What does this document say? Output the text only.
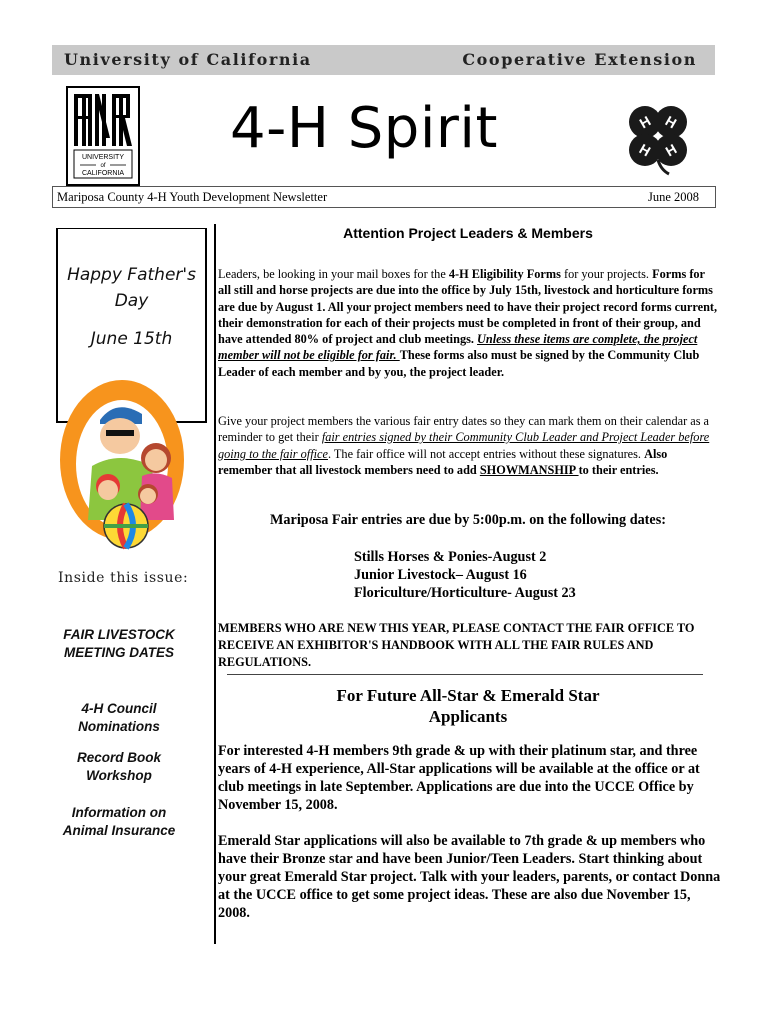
University of California	Cooperative Extension
UNIVERSITY
of
CALIFORNIA
4-H Spirit	H H
H H
Mariposa County 4-H Youth Development Newsletter	June 2008
Happy Father's
Day
June 15th
Inside this issue:
FAIR LIVESTOCK
MEETING DATES
4-H Council
Nominations
Record Book
Workshop
Information on
Animal Insurance
Attention Project Leaders & Members
Leaders, be looking in your mail boxes for the 4-H Eligibility Forms for your projects. Forms for all still and horse projects are due into the office by July 15th, livestock and horticulture forms are due by August 1. All your project members need to have their project record forms current, their demonstration for each of their projects must be completed in front of their group, and have attended 80% of project and club meetings. Unless these items are complete, the project member will not be eligible for fair. These forms also must be signed by the Community Club Leader of each member and by you, the project leader.
Give your project members the various fair entry dates so they can mark them on their calendar as a reminder to get their fair entries signed by their Community Club Leader and Project Leader before going to the fair office. The fair office will not accept entries without these signatures. Also remember that all livestock members need to add SHOWMANSHIP to their entries.
Mariposa Fair entries are due by 5:00p.m. on the following dates:
Stills Horses & Ponies-August 2
Junior Livestock– August 16
Floriculture/Horticulture- August 23
MEMBERS WHO ARE NEW THIS YEAR, PLEASE CONTACT THE FAIR OFFICE TO RECEIVE AN EXHIBITOR'S HANDBOOK WITH ALL THE FAIR RULES AND REGULATIONS.
For Future All-Star & Emerald Star
Applicants
For interested 4-H members 9th grade & up with their platinum star, and three years of 4-H experience, All-Star applications will be available at the office or at club meetings in late September. Applications are due into the UCCE Office by November 15, 2008.
Emerald Star applications will also be available to 7th grade & up members who have their Bronze star and have been Junior/Teen Leaders. Start thinking about your great Emerald Star project. Talk with your leaders, parents, or contact Donna at the UCCE office to get some project ideas. These are also due November 15, 2008.
